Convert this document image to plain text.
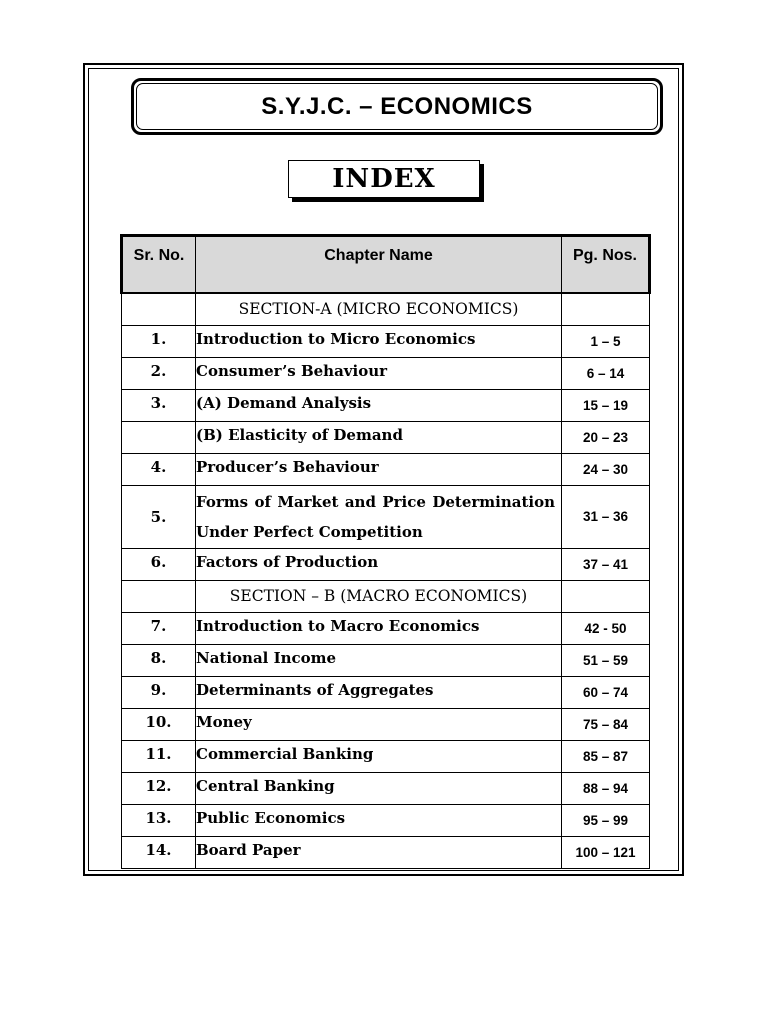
S.Y.J.C. – ECONOMICS
INDEX
Sr. No.	Chapter Name	Pg. Nos.
	SECTION-A (MICRO ECONOMICS)	
1.	Introduction to Micro Economics	1 – 5
2.	Consumer’s Behaviour	6 – 14
3.	(A) Demand Analysis	15 – 19
	(B) Elasticity of Demand	20 – 23
4.	Producer’s Behaviour	24 – 30
5.	Forms of Market and Price Determination
Under Perfect Competition	31 – 36
6.	Factors of Production	37 – 41
	SECTION – B (MACRO ECONOMICS)	
7.	Introduction to Macro Economics	42 - 50
8.	National Income	51 – 59
9.	Determinants of Aggregates	60 – 74
10.	Money	75 – 84
11.	Commercial Banking	85 – 87
12.	Central Banking	88 – 94
13.	Public Economics	95 – 99
14.	Board Paper	100 – 121
